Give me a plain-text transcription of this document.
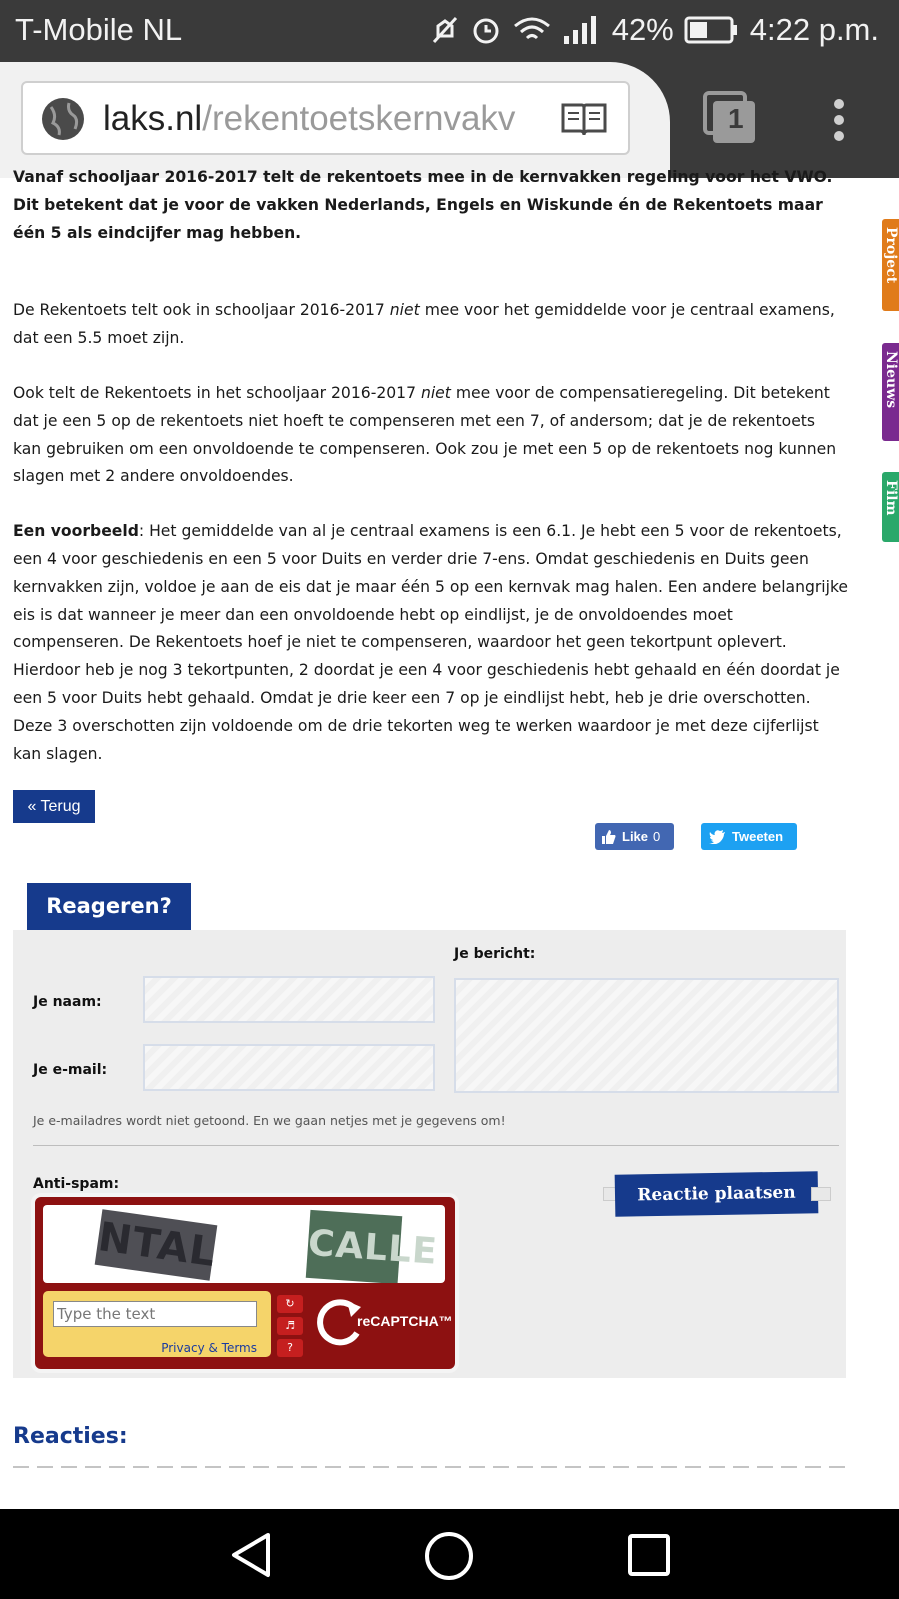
T-Mobile NL	42% 4:22 p.m.
laks.nl/rekentoetskernvakv	1

Vanaf schooljaar 2016-2017 telt de rekentoets mee in de kernvakken regeling voor het VWO. Dit betekent dat je voor de vakken Nederlands, Engels en Wiskunde én de Rekentoets maar één 5 als eindcijfer mag hebben.

De Rekentoets telt ook in schooljaar 2016-2017 niet mee voor het gemiddelde voor je centraal examens, dat een 5.5 moet zijn.

Ook telt de Rekentoets in het schooljaar 2016-2017 niet mee voor de compensatieregeling. Dit betekent dat je een 5 op de rekentoets niet hoeft te compenseren met een 7, of andersom; dat je de rekentoets kan gebruiken om een onvoldoende te compenseren. Ook zou je met een 5 op de rekentoets nog kunnen slagen met 2 andere onvoldoendes.

Een voorbeeld: Het gemiddelde van al je centraal examens is een 6.1. Je hebt een 5 voor de rekentoets, een 4 voor geschiedenis en een 5 voor Duits en verder drie 7-ens. Omdat geschiedenis en Duits geen kernvakken zijn, voldoe je aan de eis dat je maar één 5 op een kernvak mag halen. Een andere belangrijke eis is dat wanneer je meer dan een onvoldoende hebt op eindlijst, je de onvoldoendes moet compenseren. De Rekentoets hoef je niet te compenseren, waardoor het geen tekortpunt oplevert. Hierdoor heb je nog 3 tekortpunten, 2 doordat je een 4 voor geschiedenis hebt gehaald en één doordat je een 5 voor Duits hebt gehaald. Omdat je drie keer een 7 op je eindlijst hebt, heb je drie overschotten. Deze 3 overschotten zijn voldoende om de drie tekorten weg te werken waardoor je met deze cijferlijst kan slagen.

Project
Nieuws
Film
« Terug
Like 0	Tweeten
Reageren?
Je bericht:
Je naam:
Je e-mail:
Je e-mailadres wordt niet getoond. En we gaan netjes met je gegevens om!
Anti-spam:	Reactie plaatsen
NTAL CALLE
Type the text
Privacy & Terms
↻
♬
?
reCAPTCHA™
Reacties:
